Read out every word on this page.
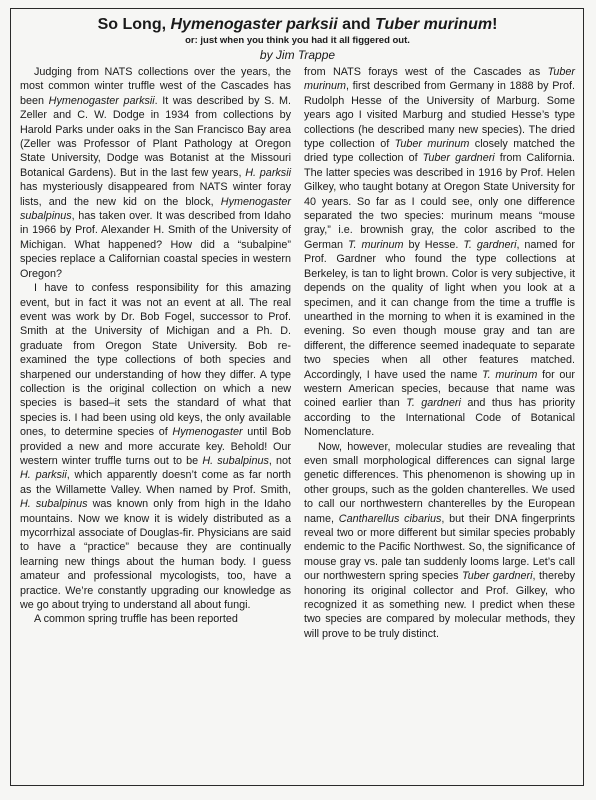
So Long, Hymenogaster parksii and Tuber murinum!
or: just when you think you had it all figgered out.
by Jim Trappe

Judging from NATS collections over the years, the most common winter truffle west of the Cascades has been Hymenogaster parksii. It was described by S. M. Zeller and C. W. Dodge in 1934 from collections by Harold Parks under oaks in the San Francisco Bay area (Zeller was Professor of Plant Pathology at Oregon State University, Dodge was Botanist at the Missouri Botanical Gardens). But in the last few years, H. parksii has mysteriously disappeared from NATS winter foray lists, and the new kid on the block, Hymenogaster subalpinus, has taken over. It was described from Idaho in 1966 by Prof. Alexander H. Smith of the University of Michigan. What happened? How did a “subalpine” species replace a Californian coastal species in western Oregon?

I have to confess responsibility for this amazing event, but in fact it was not an event at all. The real event was work by Dr. Bob Fogel, successor to Prof. Smith at the University of Michigan and a Ph. D. graduate from Oregon State University. Bob re-examined the type collections of both species and sharpened our understanding of how they differ. A type collection is the original collection on which a new species is based–it sets the standard of what that species is. I had been using old keys, the only available ones, to determine species of Hymenogaster until Bob provided a new and more accurate key. Behold! Our western winter truffle turns out to be H. subalpinus, not H. parksii, which apparently doesn’t come as far north as the Willamette Valley. When named by Prof. Smith, H. subalpinus was known only from high in the Idaho mountains. Now we know it is widely distributed as a mycorrhizal associate of Douglas-fir. Physicians are said to have a “practice” because they are continually learning new things about the human body. I guess amateur and professional mycologists, too, have a practice. We’re constantly upgrading our knowledge as we go about trying to understand all about fungi.

A common spring truffle has been reported

from NATS forays west of the Cascades as Tuber murinum, first described from Germany in 1888 by Prof. Rudolph Hesse of the University of Marburg. Some years ago I visited Marburg and studied Hesse’s type collections (he described many new species). The dried type collection of Tuber murinum closely matched the dried type collection of Tuber gardneri from California. The latter species was described in 1916 by Prof. Helen Gilkey, who taught botany at Oregon State University for 40 years. So far as I could see, only one difference separated the two species: murinum means “mouse gray,” i.e. brownish gray, the color ascribed to the German T. murinum by Hesse. T. gardneri, named for Prof. Gardner who found the type collections at Berkeley, is tan to light brown. Color is very subjective, it depends on the quality of light when you look at a specimen, and it can change from the time a truffle is unearthed in the morning to when it is examined in the evening. So even though mouse gray and tan are different, the difference seemed inadequate to separate two species when all other features matched. Accordingly, I have used the name T. murinum for our western American species, because that name was coined earlier than T. gardneri and thus has priority according to the International Code of Botanical Nomenclature.

Now, however, molecular studies are revealing that even small morphological differences can signal large genetic differences. This phenomenon is showing up in other groups, such as the golden chanterelles. We used to call our northwestern chanterelles by the European name, Cantharellus cibarius, but their DNA fingerprints reveal two or more different but similar species probably endemic to the Pacific Northwest. So, the significance of mouse gray vs. pale tan suddenly looms large. Let’s call our northwestern spring species Tuber gardneri, thereby honoring its original collector and Prof. Gilkey, who recognized it as something new. I predict when these two species are compared by molecular methods, they will prove to be truly distinct.
